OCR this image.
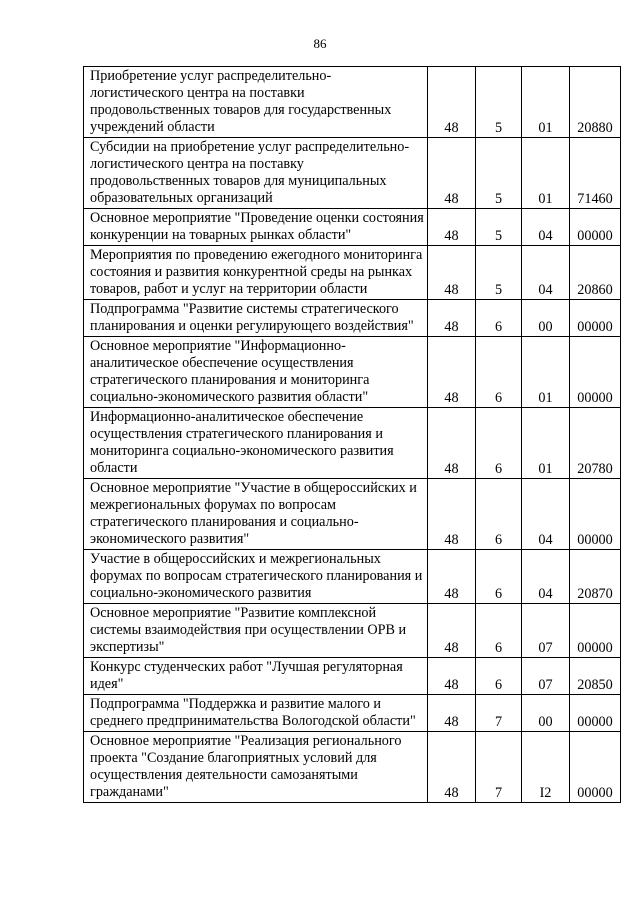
86
Приобретение услуг распределительно-логистического центра на поставки продовольственных товаров для государственных учреждений области	48	5	01	20880
Субсидии на приобретение услуг распределительно-логистического центра на поставку продовольственных товаров для муниципальных образовательных организаций	48	5	01	71460
Основное мероприятие "Проведение оценки состояния конкуренции на товарных рынках области"	48	5	04	00000
Мероприятия по проведению ежегодного мониторинга состояния и развития конкурентной среды на рынках товаров, работ и услуг на территории области	48	5	04	20860
Подпрограмма "Развитие системы стратегического планирования и оценки регулирующего воздействия"	48	6	00	00000
Основное мероприятие "Информационно-аналитическое обеспечение осуществления стратегического планирования и мониторинга социально-экономического развития области"	48	6	01	00000
Информационно-аналитическое обеспечение осуществления стратегического планирования и мониторинга социально-экономического развития области	48	6	01	20780
Основное мероприятие "Участие в общероссийских и межрегиональных форумах по вопросам стратегического планирования и социально-экономического развития"	48	6	04	00000
Участие в общероссийских и межрегиональных форумах по вопросам стратегического планирования и социально-экономического развития	48	6	04	20870
Основное мероприятие "Развитие комплексной системы взаимодействия при осуществлении ОРВ и экспертизы"	48	6	07	00000
Конкурс студенческих работ "Лучшая регуляторная идея"	48	6	07	20850
Подпрограмма "Поддержка и развитие малого и среднего предпринимательства Вологодской области"	48	7	00	00000
Основное мероприятие "Реализация регионального проекта "Создание благоприятных условий для осуществления деятельности самозанятыми гражданами"	48	7	I2	00000
